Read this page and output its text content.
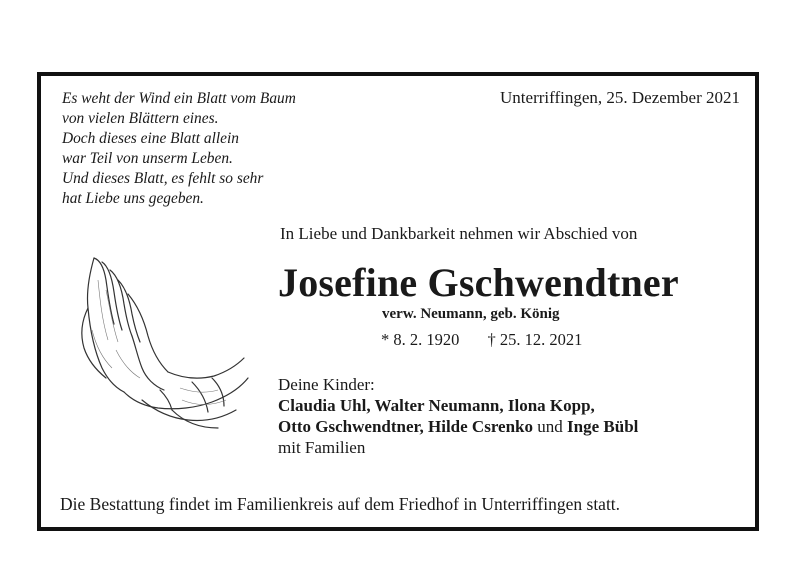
Es weht der Wind ein Blatt vom Baum
von vielen Blättern eines.
Doch dieses eine Blatt allein
war Teil von unserm Leben.
Und dieses Blatt, es fehlt so sehr
hat Liebe uns gegeben.
Unterriffingen, 25. Dezember 2021
In Liebe und Dankbarkeit nehmen wir Abschied von
Josefine Gschwendtner
verw. Neumann, geb. König
* 8. 2. 1920 † 25. 12. 2021
Deine Kinder:
Claudia Uhl, Walter Neumann, Ilona Kopp,
Otto Gschwendtner, Hilde Csrenko und Inge Bübl
mit Familien
Die Bestattung findet im Familienkreis auf dem Friedhof in Unterriffingen statt.
